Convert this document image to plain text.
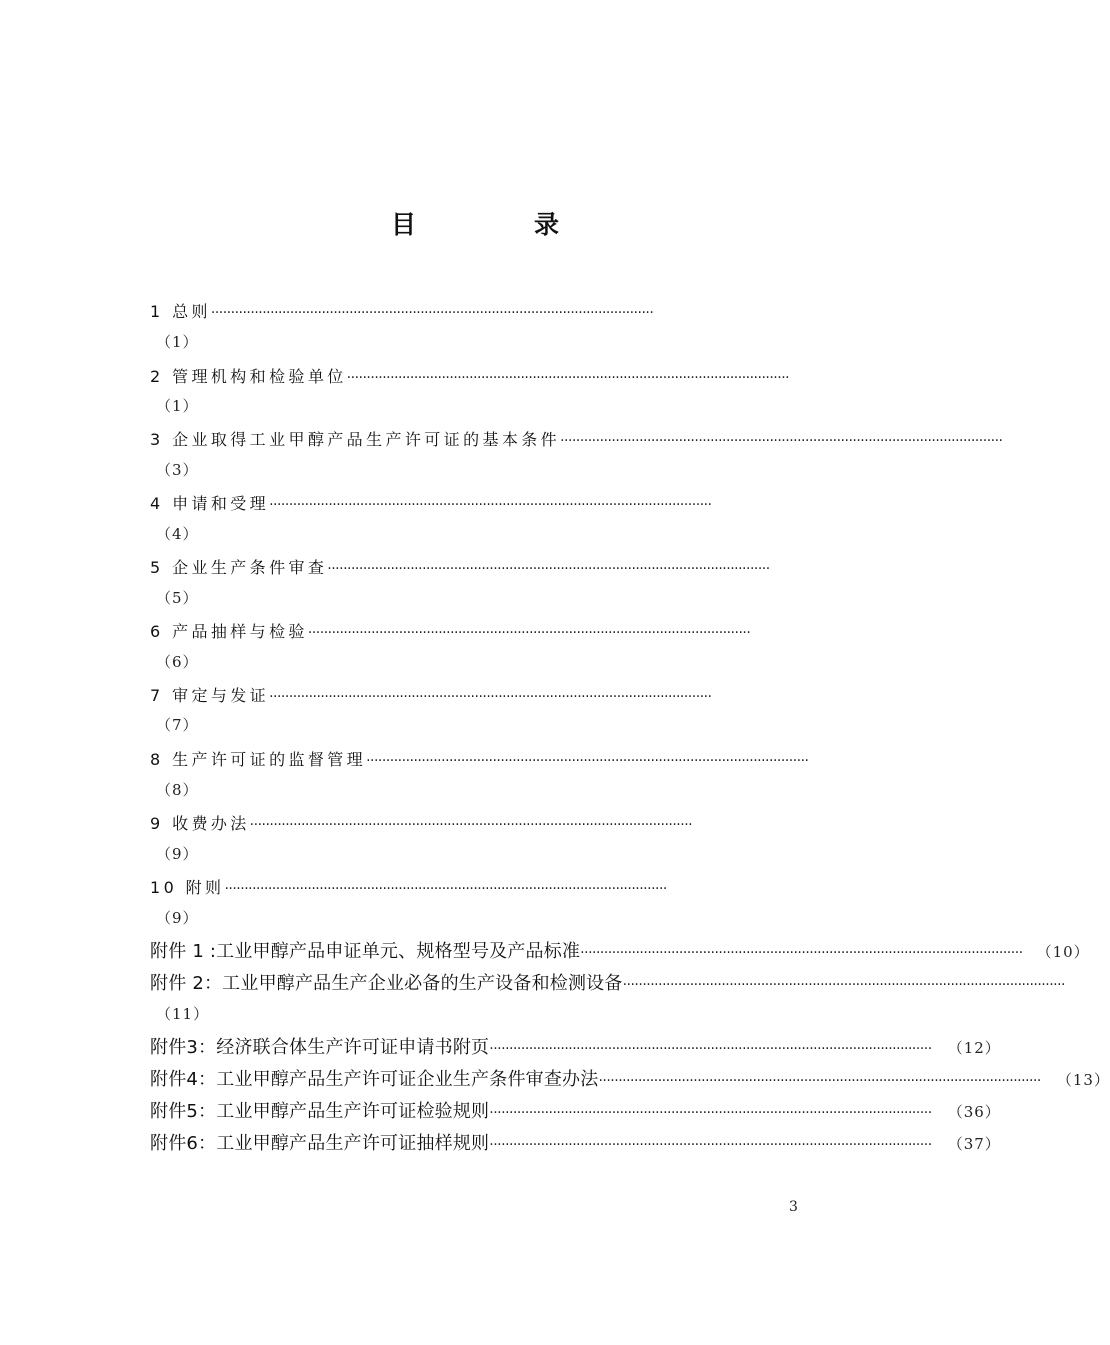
目	录
1 总则 ················································································································
（1）
2 管理机构和检验单位 ················································································································
（1）
3 企业取得工业甲醇产品生产许可证的基本条件 ················································································································
（3）
4 申请和受理 ················································································································
（4）
5 企业生产条件审查 ················································································································
（5）
6 产品抽样与检验 ················································································································
（6）
7 审定与发证 ················································································································
（7）
8 生产许可证的监督管理 ················································································································
（8）
9 收费办法 ················································································································
（9）
10 附则 ················································································································
（9）
附件 1 :工业甲醇产品申证单元、规格型号及产品标准 ················································································································ （10）
附件 2：工业甲醇产品生产企业必备的生产设备和检测设备 ················································································································
（11）
附件3：经济联合体生产许可证申请书附页 ················································································································ （12）
附件4：工业甲醇产品生产许可证企业生产条件审查办法 ················································································································ （13）
附件5：工业甲醇产品生产许可证检验规则 ················································································································ （36）
附件6：工业甲醇产品生产许可证抽样规则 ················································································································ （37）
3
